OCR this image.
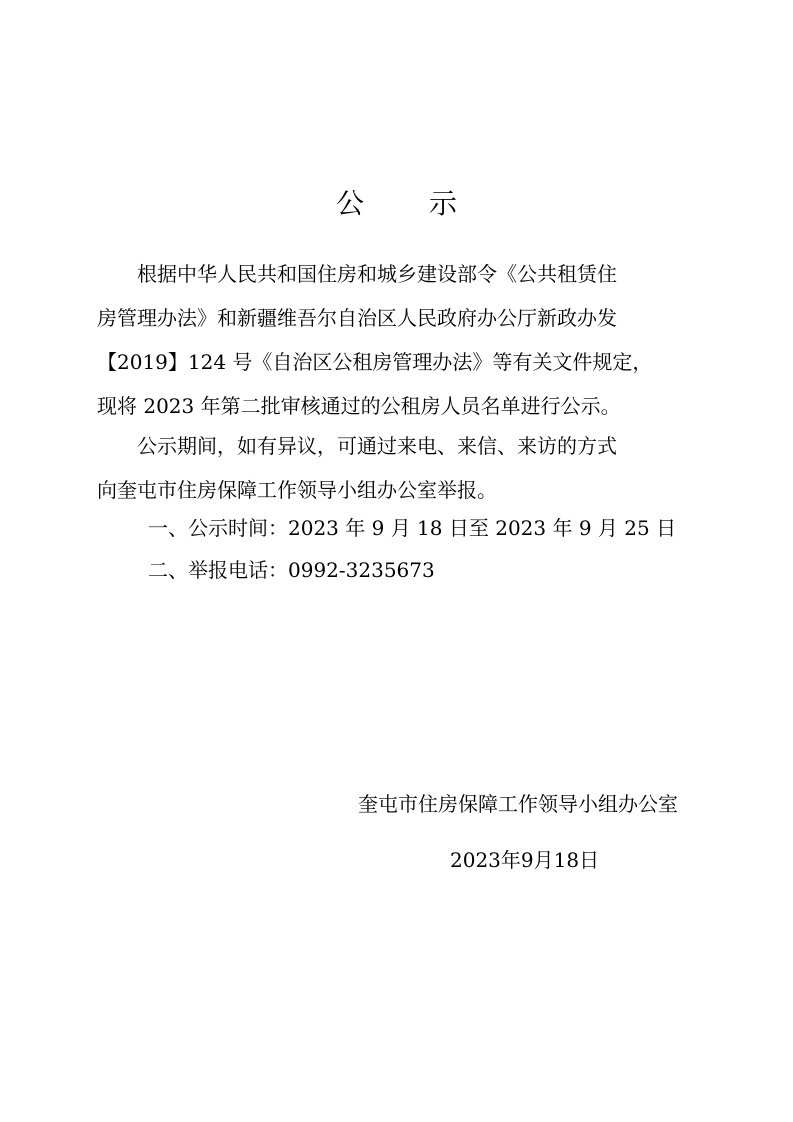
公 示
根据中华人民共和国住房和城乡建设部令《公共租赁住
房管理办法》和新疆维吾尔自治区人民政府办公厅新政办发
【2019】124 号《自治区公租房管理办法》等有关文件规定，
现将 2023 年第二批审核通过的公租房人员名单进行公示。
公示期间，如有异议，可通过来电、来信、来访的方式
向奎屯市住房保障工作领导小组办公室举报。
一、公示时间：2023 年 9 月 18 日至 2023 年 9 月 25 日
二、举报电话：0992-3235673
奎屯市住房保障工作领导小组办公室
2023年9月18日
